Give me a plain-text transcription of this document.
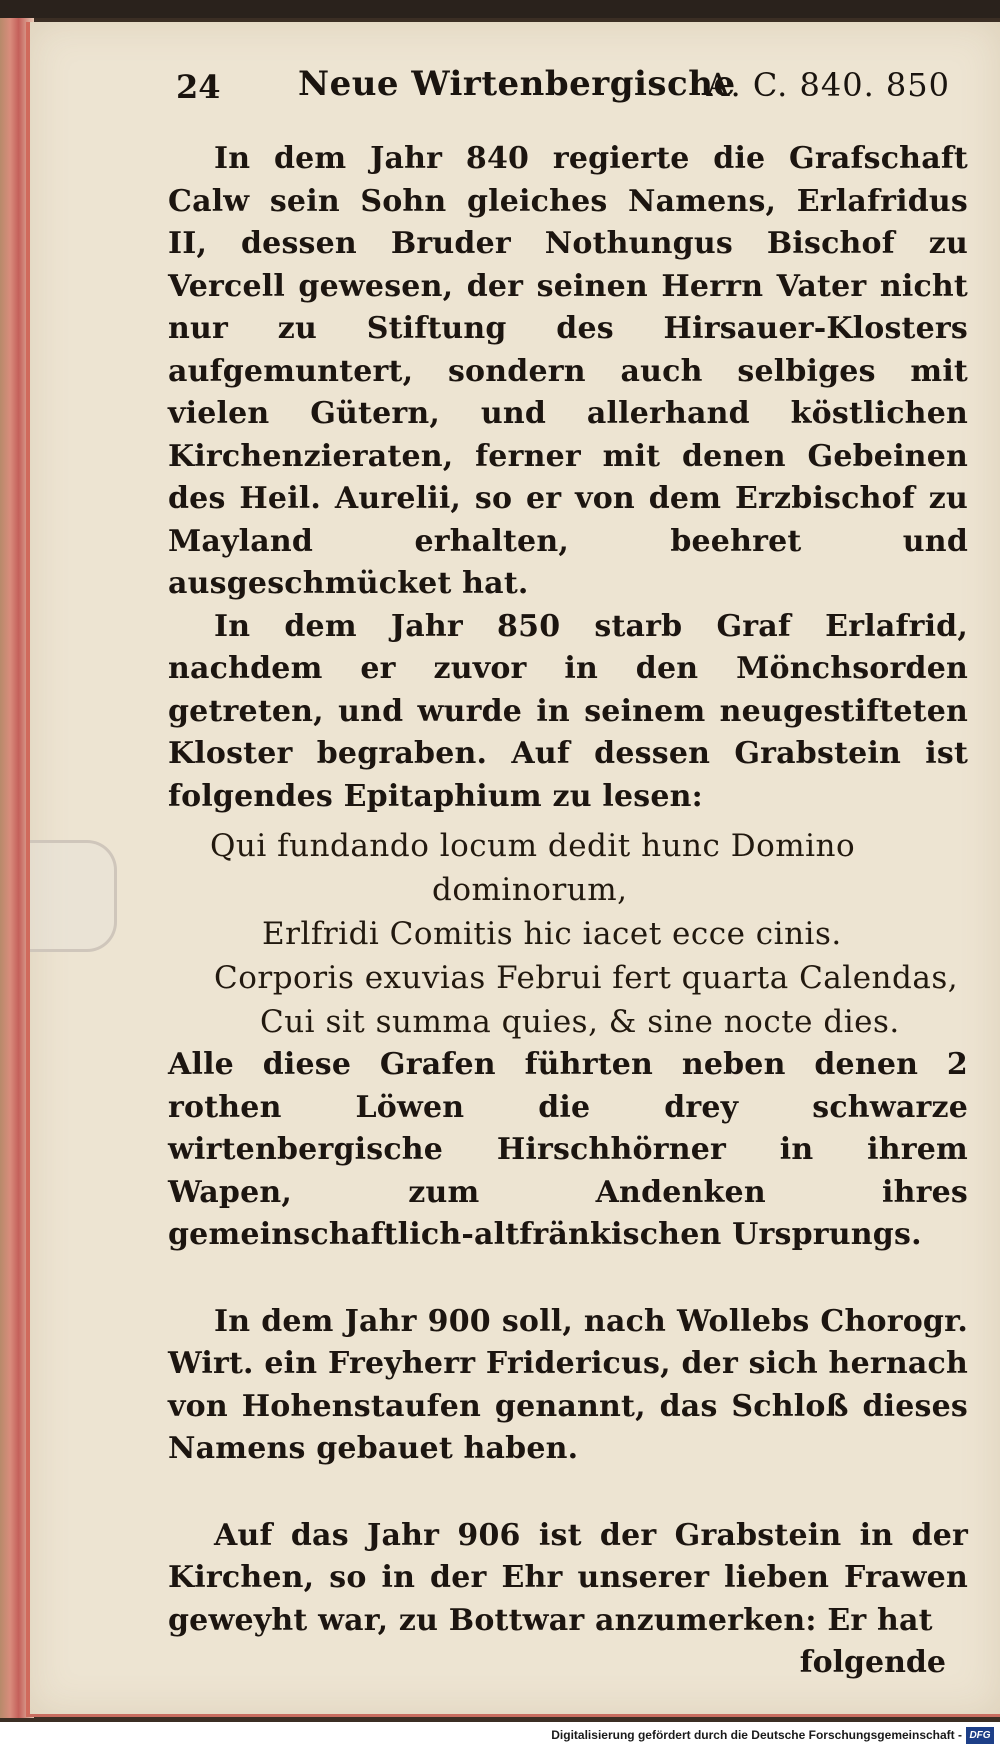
24 Neue Wirtenbergische
A. C. 840. 850

In dem Jahr 840 regierte die Grafschaft Calw sein Sohn gleiches Namens, Erlafridus II, dessen Bruder Nothungus Bischof zu Vercell gewesen, der seinen Herrn Vater nicht nur zu Stiftung des Hirsauer-Klosters aufgemuntert, sondern auch selbiges mit vielen Gütern, und allerhand köstlichen Kirchenzieraten, ferner mit denen Gebeinen des Heil. Aurelii, so er von dem Erzbischof zu Mayland erhalten, beehret und ausgeschmücket hat.

In dem Jahr 850 starb Graf Erlafrid, nachdem er zuvor in den Mönchsorden getreten, und wurde in seinem neugestifteten Kloster begraben. Auf dessen Grabstein ist folgendes Epitaphium zu lesen:

Qui fundando locum dedit hunc Domino
dominorum,
Erlfridi Comitis hic iacet ecce cinis.
Corporis exuvias Februi fert quarta Calendas,
Cui sit summa quies, & sine nocte dies.

Alle diese Grafen führten neben denen 2 rothen Löwen die drey schwarze wirtenbergische Hirschhörner in ihrem Wapen, zum Andenken ihres gemeinschaftlich-altfränkischen Ursprungs.

In dem Jahr 900 soll, nach Wollebs Chorogr. Wirt. ein Freyherr Fridericus, der sich hernach von Hohenstaufen genannt, das Schloß dieses Namens gebauet haben.

Auf das Jahr 906 ist der Grabstein in der Kirchen, so in der Ehr unserer lieben Frawen geweyht war, zu Bottwar anzumerken: Er hat

folgende

Digitalisierung gefördert durch die Deutsche Forschungsgemeinschaft - DFG
